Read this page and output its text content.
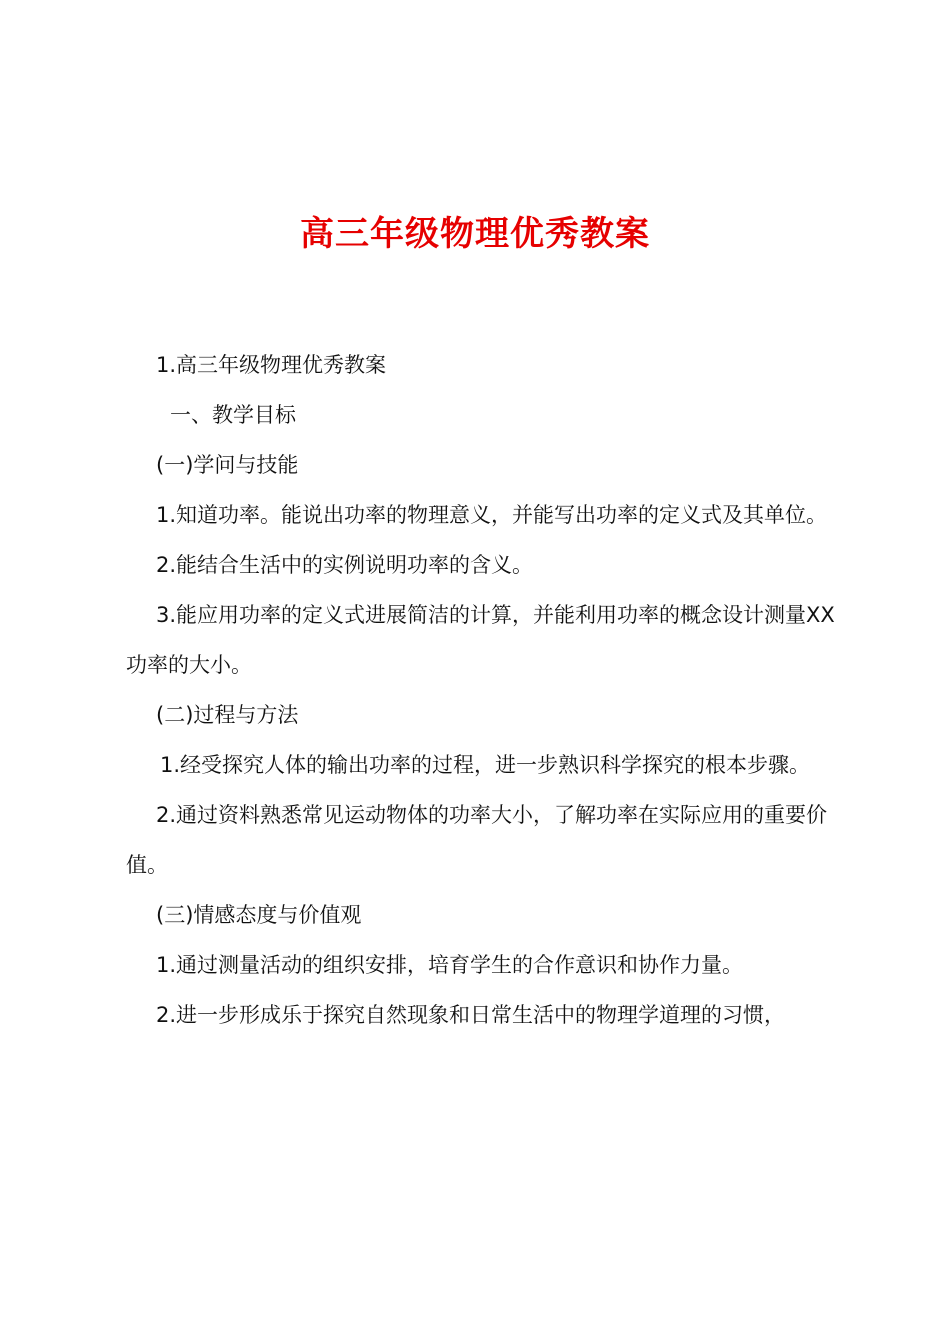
高三年级物理优秀教案

1.高三年级物理优秀教案

一、教学目标

(一)学问与技能

1.知道功率。能说出功率的物理意义，并能写出功率的定义式及其单位。

2.能结合生活中的实例说明功率的含义。

3.能应用功率的定义式进展简洁的计算，并能利用功率的概念设计测量XX功率的大小。

(二)过程与方法

1.经受探究人体的输出功率的过程，进一步熟识科学探究的根本步骤。

2.通过资料熟悉常见运动物体的功率大小，了解功率在实际应用的重要价值。

(三)情感态度与价值观

1.通过测量活动的组织安排，培育学生的合作意识和协作力量。

2.进一步形成乐于探究自然现象和日常生活中的物理学道理的习惯，
